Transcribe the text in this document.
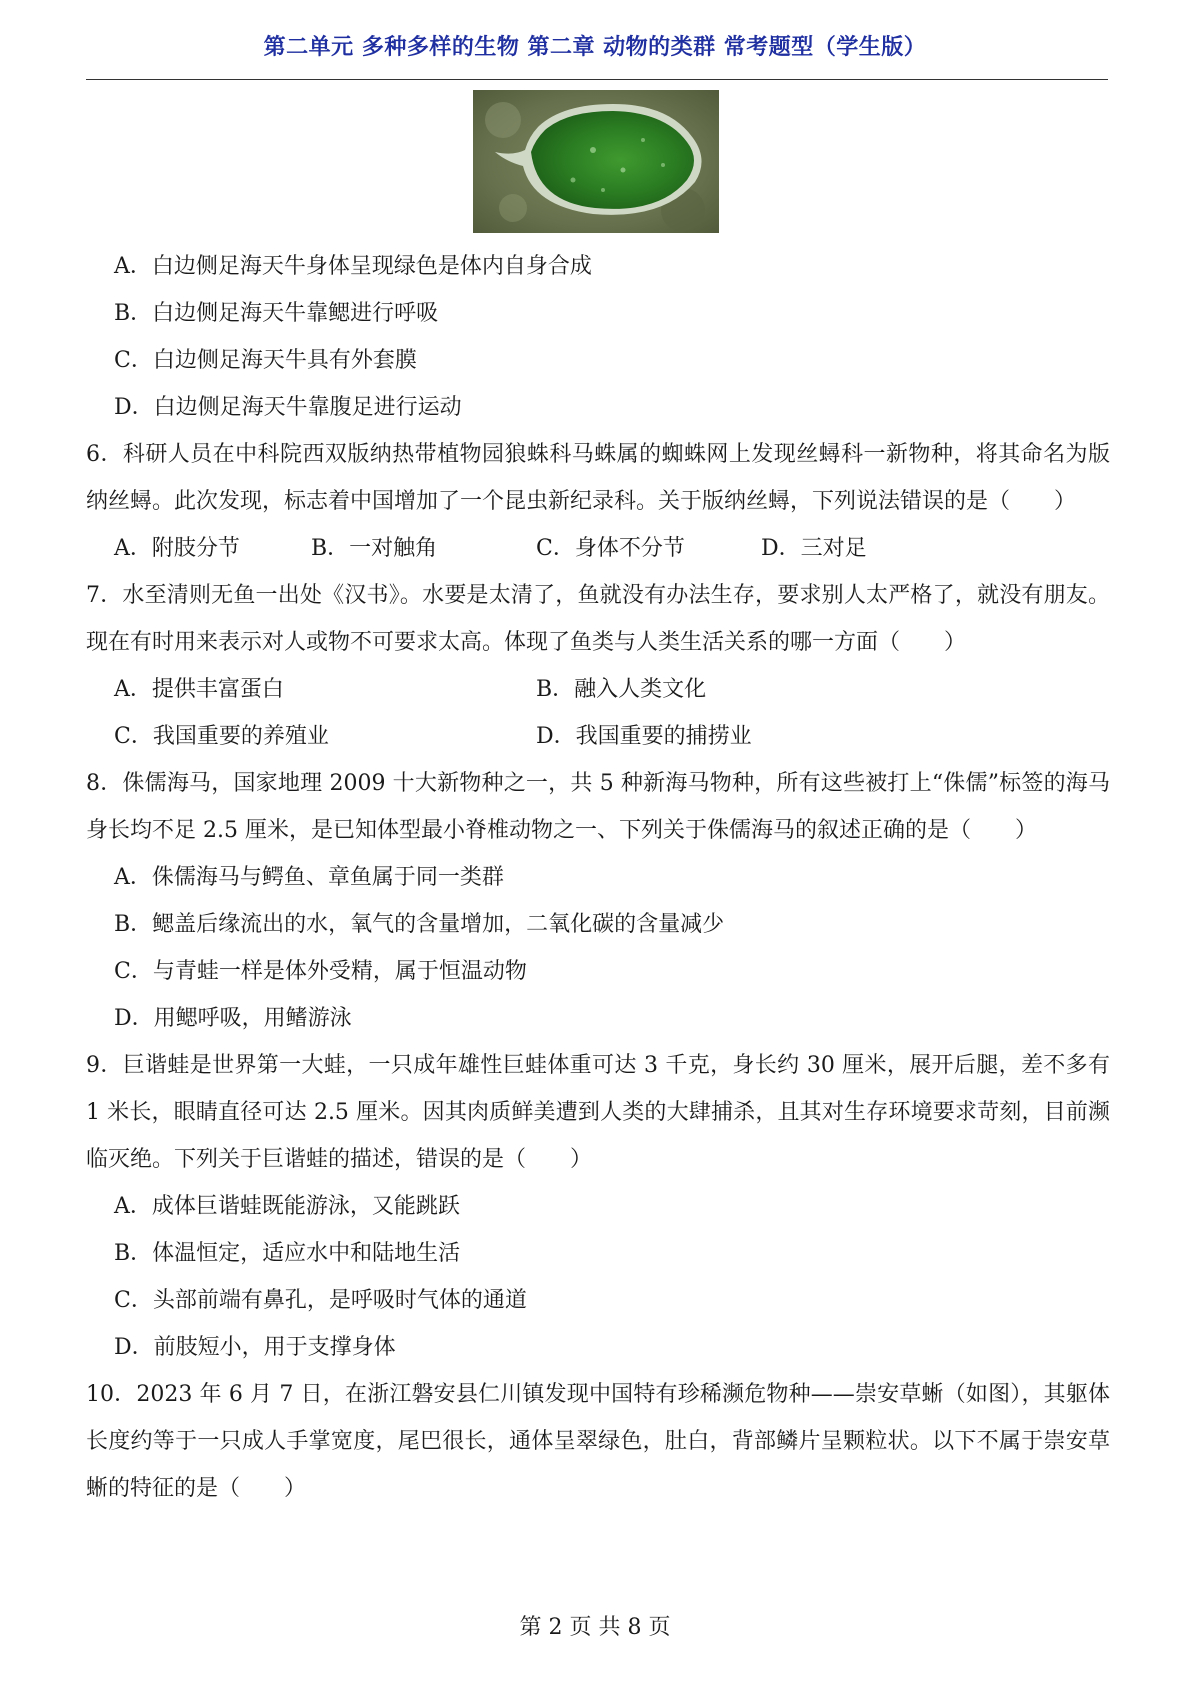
第二单元 多种多样的生物 第二章 动物的类群 常考题型（学生版）
A．白边侧足海天牛身体呈现绿色是体内自身合成
B．白边侧足海天牛靠鳃进行呼吸
C．白边侧足海天牛具有外套膜
D．白边侧足海天牛靠腹足进行运动
6．科研人员在中科院西双版纳热带植物园狼蛛科马蛛属的蜘蛛网上发现丝蟳科一新物种，将其命名为版纳丝蟳。此次发现，标志着中国增加了一个昆虫新纪录科。关于版纳丝蟳，下列说法错误的是（　　）
A．附肢分节	B．一对触角	C．身体不分节	D．三对足
7．水至清则无鱼一出处《汉书》。水要是太清了，鱼就没有办法生存，要求别人太严格了，就没有朋友。现在有时用来表示对人或物不可要求太高。体现了鱼类与人类生活关系的哪一方面（　　）
A．提供丰富蛋白	B．融入人类文化
C．我国重要的养殖业	D．我国重要的捕捞业
8．侏儒海马，国家地理 2009 十大新物种之一，共 5 种新海马物种，所有这些被打上“侏儒”标签的海马身长均不足 2.5 厘米，是已知体型最小脊椎动物之一、下列关于侏儒海马的叙述正确的是（　　）
A．侏儒海马与鳄鱼、章鱼属于同一类群
B．鳃盖后缘流出的水，氧气的含量增加，二氧化碳的含量减少
C．与青蛙一样是体外受精，属于恒温动物
D．用鳃呼吸，用鳍游泳
9．巨谐蛙是世界第一大蛙，一只成年雄性巨蛙体重可达 3 千克，身长约 30 厘米，展开后腿，差不多有 1 米长，眼睛直径可达 2.5 厘米。因其肉质鲜美遭到人类的大肆捕杀，且其对生存环境要求苛刻，目前濒临灭绝。下列关于巨谐蛙的描述，错误的是（　　）
A．成体巨谐蛙既能游泳，又能跳跃
B．体温恒定，适应水中和陆地生活
C．头部前端有鼻孔，是呼吸时气体的通道
D．前肢短小，用于支撑身体
10．2023 年 6 月 7 日，在浙江磐安县仁川镇发现中国特有珍稀濒危物种——崇安草蜥（如图），其躯体长度约等于一只成人手掌宽度，尾巴很长，通体呈翠绿色，肚白，背部鳞片呈颗粒状。以下不属于崇安草蜥的特征的是（　　）
第 2 页 共 8 页
